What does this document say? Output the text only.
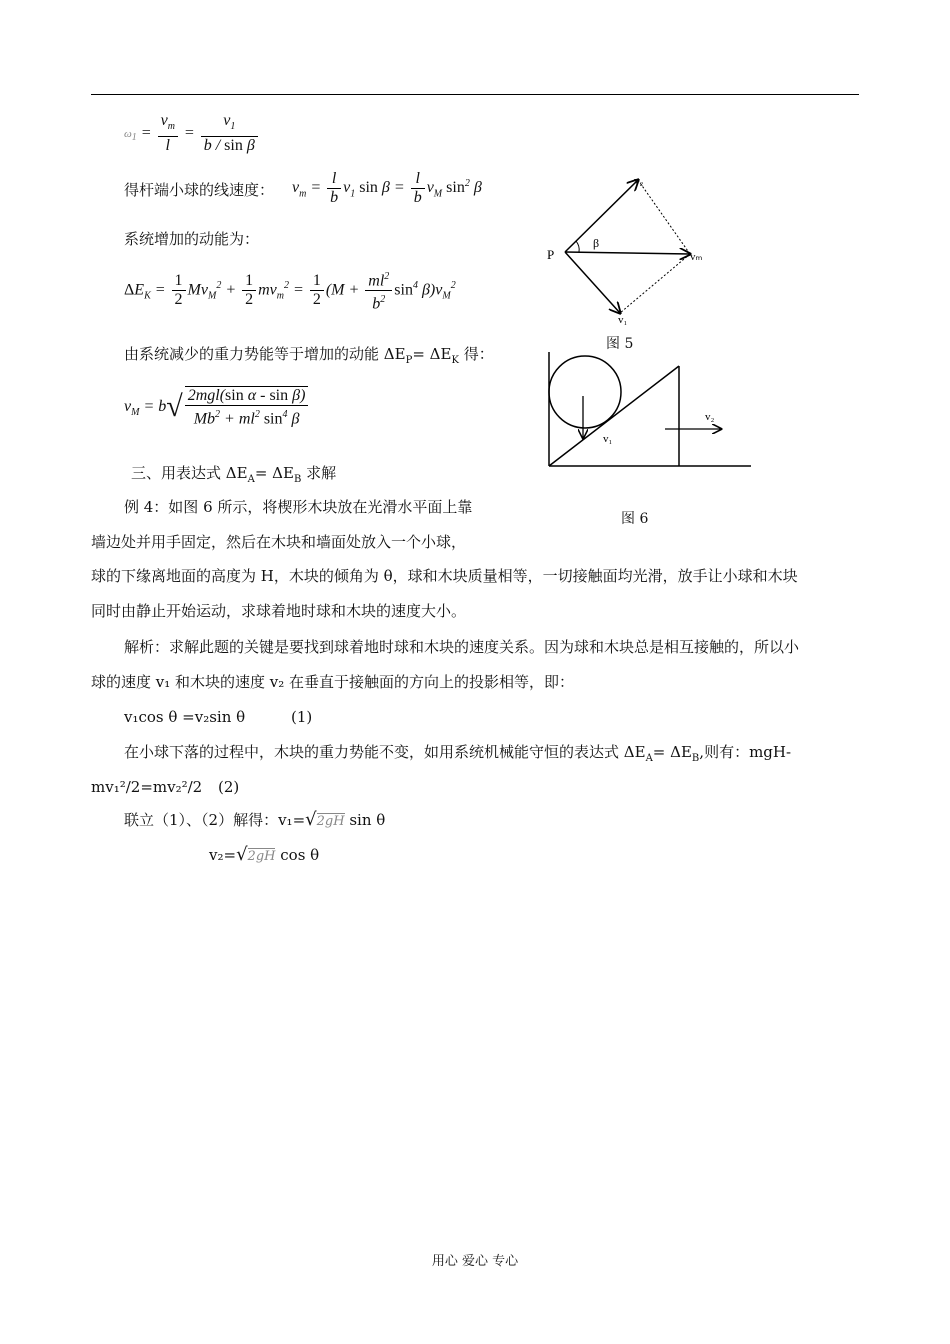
$\omega_1 = \frac{v_m}{l} = \frac{v_1}{\text{b / sin β}}$
得杆端小球的线速度： $v_m = \frac{l}{b} v_1$ $\sin \beta = \frac{l}{b} v_M$ $\sin^2 \beta$
系统增加的动能为：
$\Delta E_K = \frac{1}{2} Mv_M^2 + \frac{1}{2} mv_m^2 = \frac{1}{2} (M + \frac{ml^2}{b^2} \sin^4 \beta)v_M^2$
由系统减少的重力势能等于增加的动能 $\Delta E_P= \Delta E_K$ 得：
$v_M = b√ \frac{\text{2mgl(sin α - sin β)}}{Mb^2 + ml^2 \sin^4 \beta}$
三、用表达式 $\Delta E_A= \Delta E_B$ 求解
例 4：如图 6 所示，将楔形木块放在光滑水平面上靠
墙边处并用手固定，然后在木块和墙面处放入一个小球，
球的下缘离地面的高度为 H，木块的倾角为 θ，球和木块质量相等，一切接触面均光滑，放手让小球和木块
同时由静止开始运动，求球着地时球和木块的速度大小。
解析：求解此题的关键是要找到球着地时球和木块的速度关系。因为球和木块总是相互接触的，所以小
球的速度 v₁ 和木块的速度 v₂ 在垂直于接触面的方向上的投影相等，即：
v₁cos θ =v₂sin θ	(1)
在小球下落的过程中，木块的重力势能不变，如用系统机械能守恒的表达式 $\Delta E_A= \Delta E_B$,则有：mgH-
mv₁²/2=mv₂²/2 (2)
联立（1）、（2）解得：v₁=√2gH sin θ
v₂=√2gH cos θ
P
β
v₂
vₘ
v₁
图 5
v₁
v₂
图 6
用心 爱心 专心
